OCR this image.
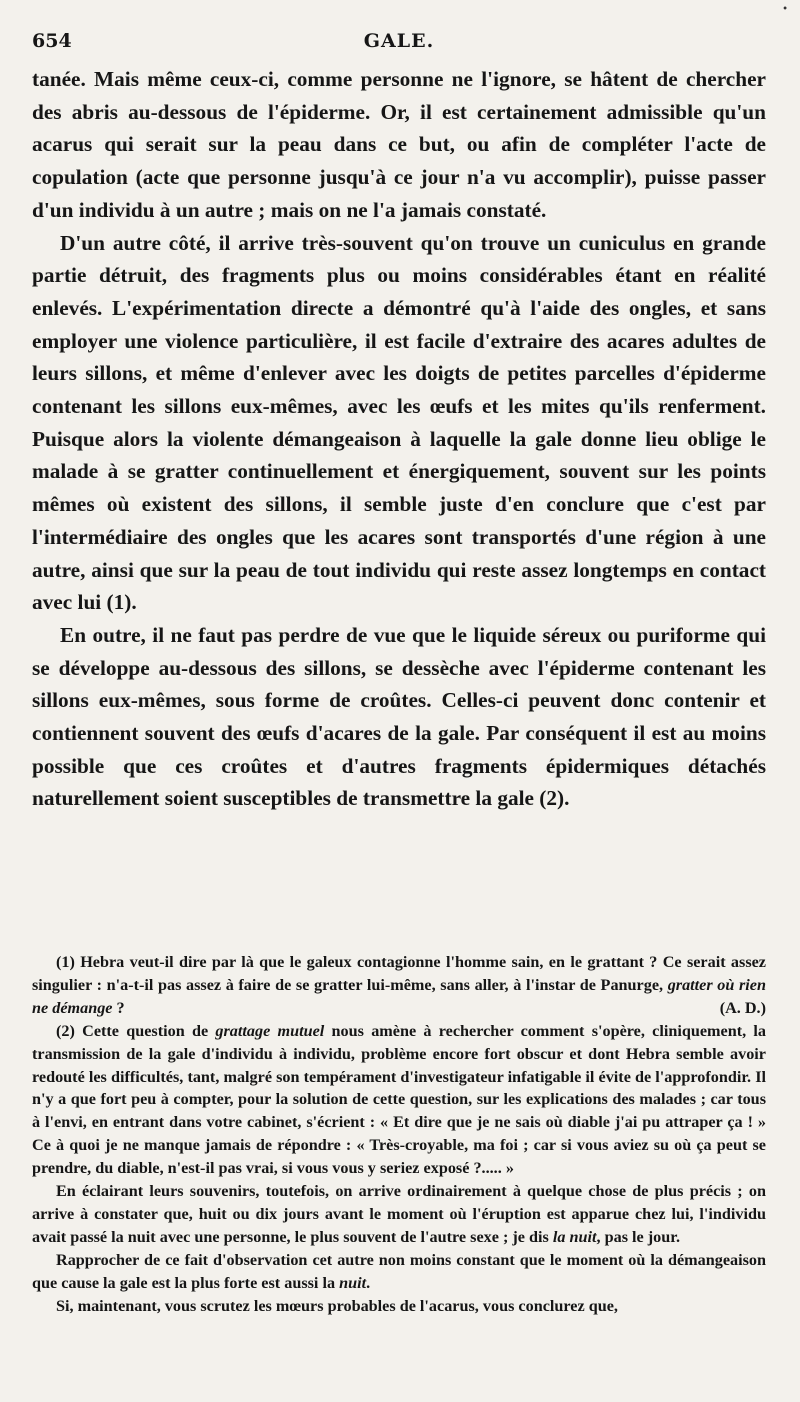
•
654	GALE.

tanée. Mais même ceux-ci, comme personne ne l'ignore, se hâtent de chercher des abris au-dessous de l'épiderme. Or, il est certainement admissible qu'un acarus qui serait sur la peau dans ce but, ou afin de compléter l'acte de copulation (acte que personne jusqu'à ce jour n'a vu accomplir), puisse passer d'un individu à un autre ; mais on ne l'a jamais constaté.

D'un autre côté, il arrive très-souvent qu'on trouve un cuniculus en grande partie détruit, des fragments plus ou moins considérables étant en réalité enlevés. L'expérimentation directe a démontré qu'à l'aide des ongles, et sans employer une violence particulière, il est facile d'extraire des acares adultes de leurs sillons, et même d'enlever avec les doigts de petites parcelles d'épiderme contenant les sillons eux-mêmes, avec les œufs et les mites qu'ils renferment. Puisque alors la violente démangeaison à laquelle la gale donne lieu oblige le malade à se gratter continuellement et énergiquement, souvent sur les points mêmes où existent des sillons, il semble juste d'en conclure que c'est par l'intermédiaire des ongles que les acares sont transportés d'une région à une autre, ainsi que sur la peau de tout individu qui reste assez longtemps en contact avec lui (1).

En outre, il ne faut pas perdre de vue que le liquide séreux ou puriforme qui se développe au-dessous des sillons, se dessèche avec l'épiderme contenant les sillons eux-mêmes, sous forme de croûtes. Celles-ci peuvent donc contenir et contiennent souvent des œufs d'acares de la gale. Par conséquent il est au moins possible que ces croûtes et d'autres fragments épidermiques détachés naturellement soient susceptibles de transmettre la gale (2).

(1) Hebra veut-il dire par là que le galeux contagionne l'homme sain, en le grattant ? Ce serait assez singulier : n'a-t-il pas assez à faire de se gratter lui-même, sans aller, à l'instar de Panurge, gratter où rien ne démange ?	(A. D.)

(2) Cette question de grattage mutuel nous amène à rechercher comment s'opère, cliniquement, la transmission de la gale d'individu à individu, problème encore fort obscur et dont Hebra semble avoir redouté les difficultés, tant, malgré son tempérament d'investigateur infatigable il évite de l'approfondir. Il n'y a que fort peu à compter, pour la solution de cette question, sur les explications des malades ; car tous à l'envi, en entrant dans votre cabinet, s'écrient : « Et dire que je ne sais où diable j'ai pu attraper ça ! » Ce à quoi je ne manque jamais de répondre : « Très-croyable, ma foi ; car si vous aviez su où ça peut se prendre, du diable, n'est-il pas vrai, si vous vous y seriez exposé ?..... »

En éclairant leurs souvenirs, toutefois, on arrive ordinairement à quelque chose de plus précis ; on arrive à constater que, huit ou dix jours avant le moment où l'éruption est apparue chez lui, l'individu avait passé la nuit avec une personne, le plus souvent de l'autre sexe ; je dis la nuit, pas le jour.

Rapprocher de ce fait d'observation cet autre non moins constant que le moment où la démangeaison que cause la gale est la plus forte est aussi la nuit.

Si, maintenant, vous scrutez les mœurs probables de l'acarus, vous conclurez que,
